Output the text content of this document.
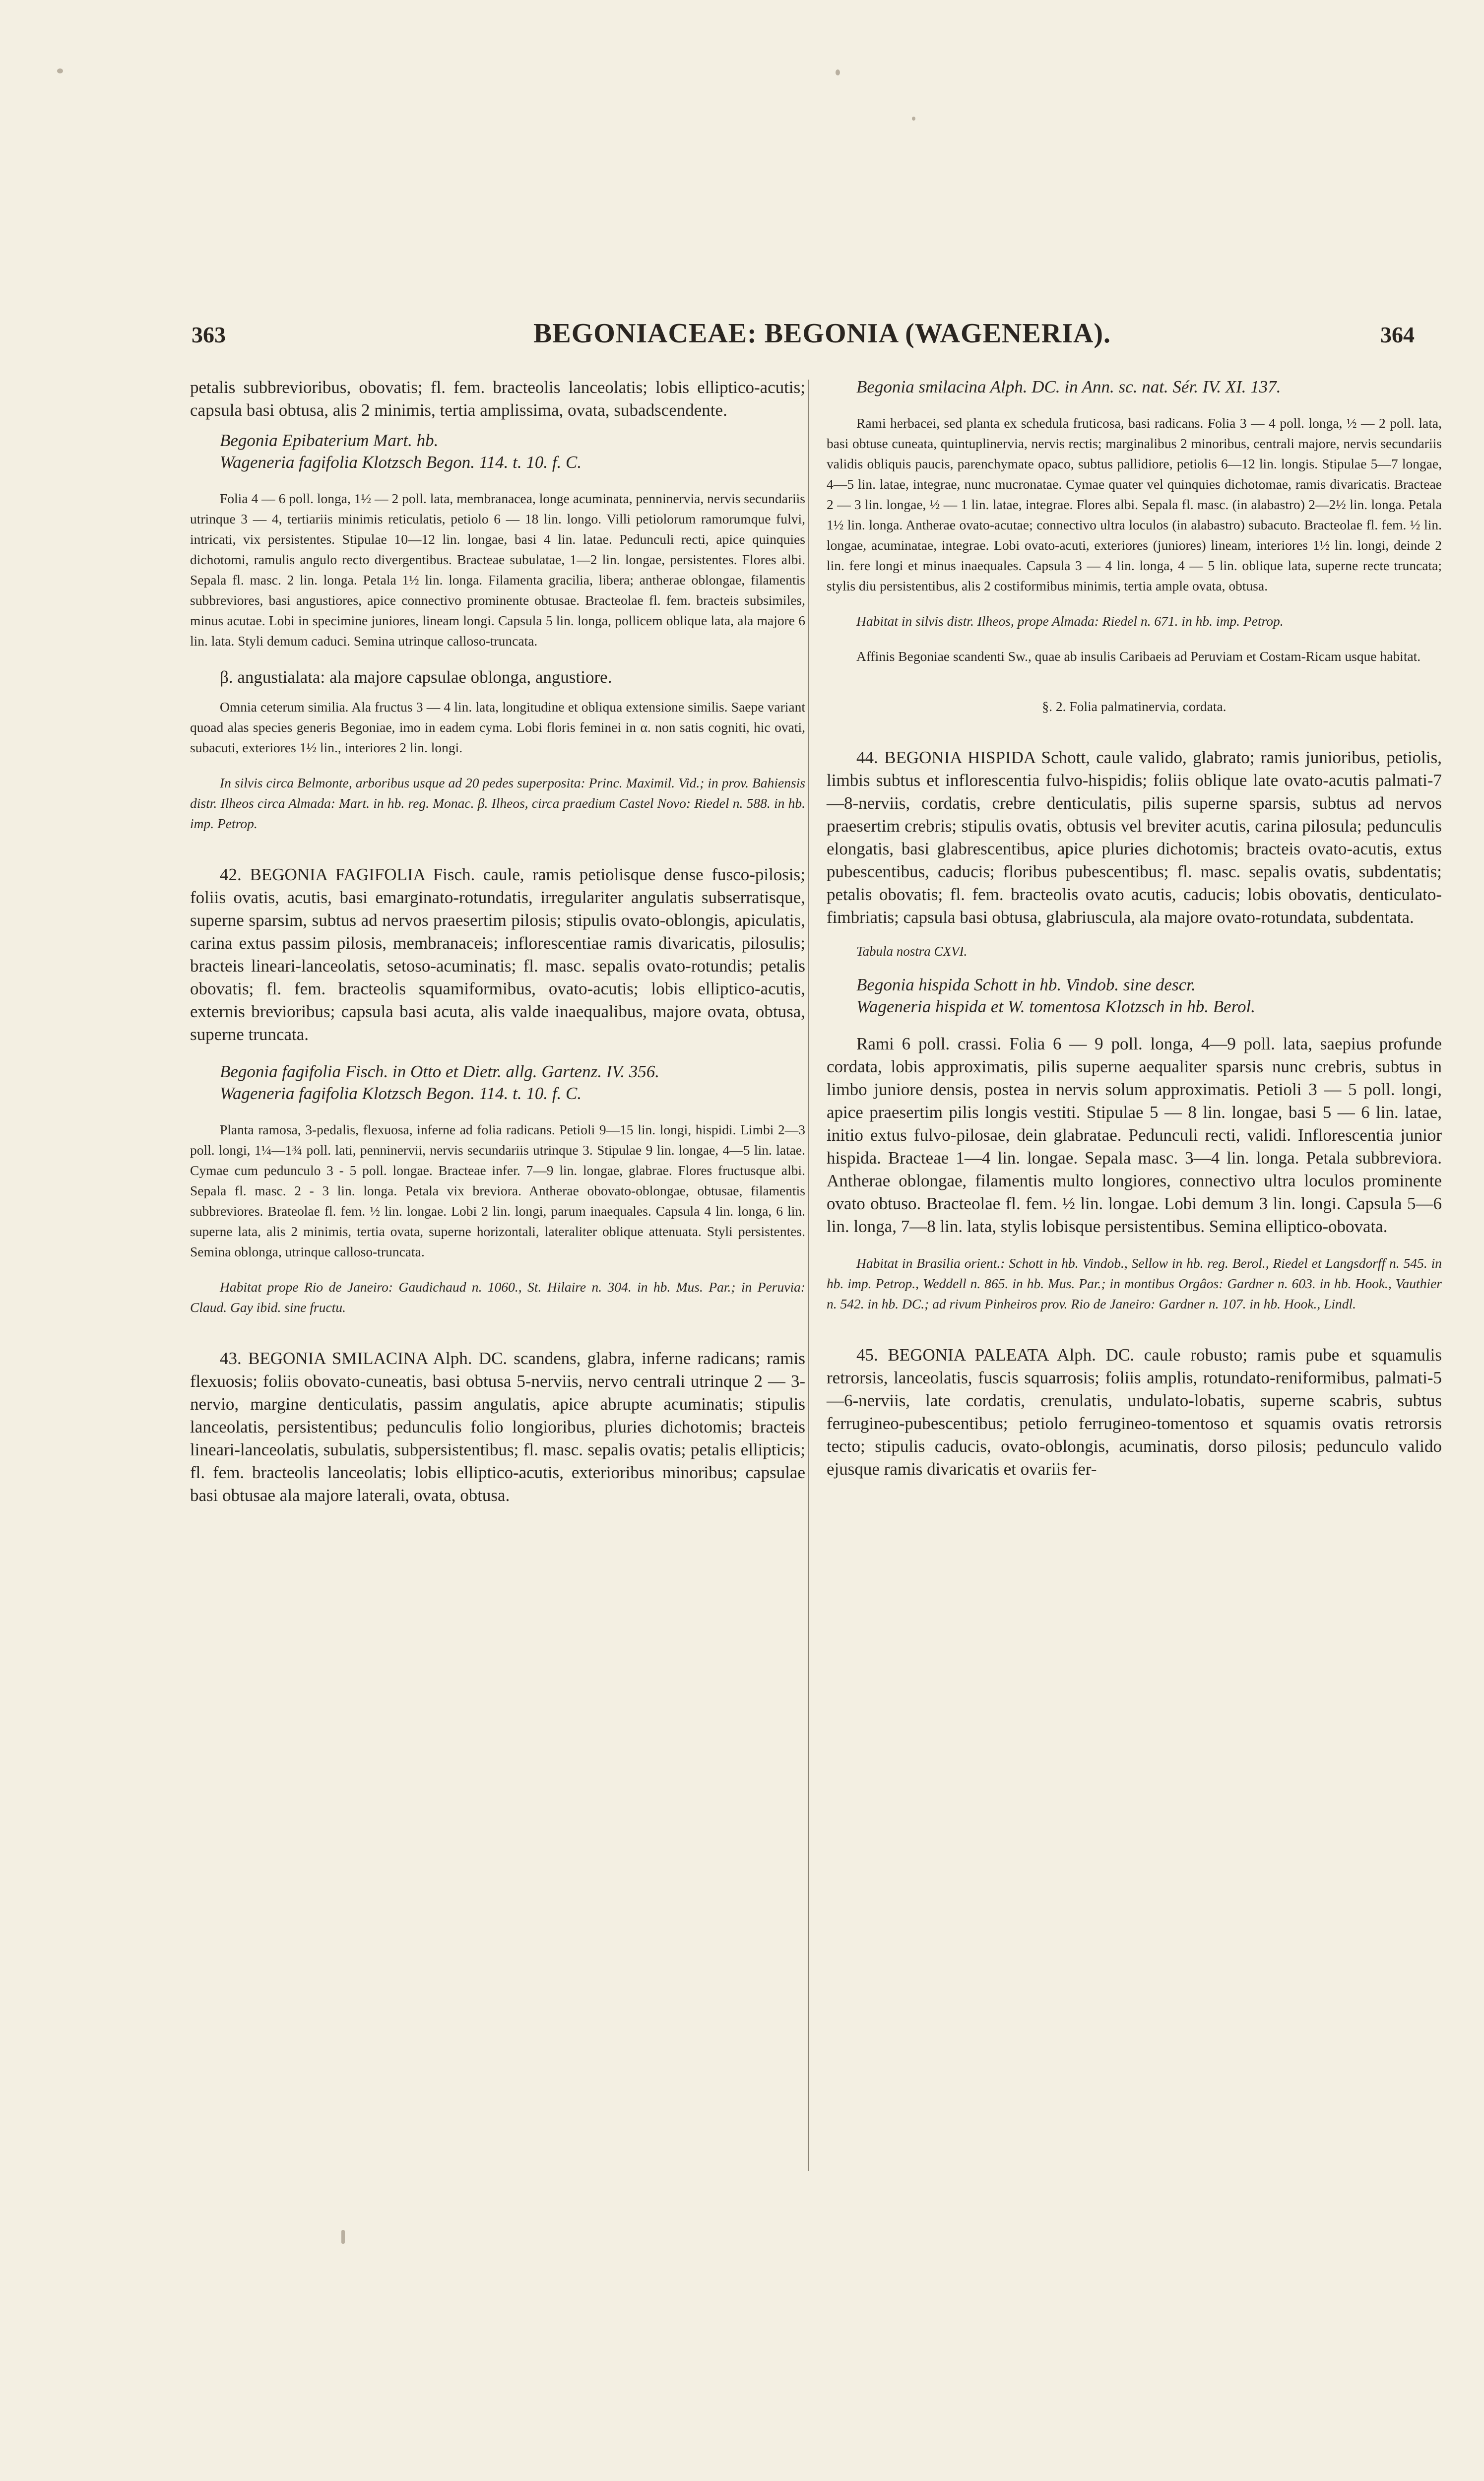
363	BEGONIACEAE: BEGONIA (WAGENERIA).	364

petalis subbrevioribus, obovatis; fl. fem. bracteolis lanceolatis; lobis elliptico-acutis; capsula basi obtusa, alis 2 minimis, tertia amplissima, ovata, subadscendente.

Begonia Epibaterium Mart. hb.

Wageneria fagifolia Klotzsch Begon. 114. t. 10. f. C.

Folia 4 — 6 poll. longa, 1½ — 2 poll. lata, membranacea, longe acuminata, penninervia, nervis secundariis utrinque 3 — 4, tertiariis minimis reticulatis, petiolo 6 — 18 lin. longo. Villi petiolorum ramorumque fulvi, intricati, vix persistentes. Stipulae 10—12 lin. longae, basi 4 lin. latae. Pedunculi recti, apice quinquies dichotomi, ramulis angulo recto divergentibus. Bracteae subulatae, 1—2 lin. longae, persistentes. Flores albi. Sepala fl. masc. 2 lin. longa. Petala 1½ lin. longa. Filamenta gracilia, libera; antherae oblongae, filamentis subbreviores, basi angustiores, apice connectivo prominente obtusae. Bracteolae fl. fem. bracteis subsimiles, minus acutae. Lobi in specimine juniores, lineam longi. Capsula 5 lin. longa, pollicem oblique lata, ala majore 6 lin. lata. Styli demum caduci. Semina utrinque calloso-truncata.

β. angustialata: ala majore capsulae oblonga, angustiore.

Omnia ceterum similia. Ala fructus 3 — 4 lin. lata, longitudine et obliqua extensione similis. Saepe variant quoad alas species generis Begoniae, imo in eadem cyma. Lobi floris feminei in α. non satis cogniti, hic ovati, subacuti, exteriores 1½ lin., interiores 2 lin. longi.

In silvis circa Belmonte, arboribus usque ad 20 pedes superposita: Princ. Maximil. Vid.; in prov. Bahiensis distr. Ilheos circa Almada: Mart. in hb. reg. Monac. β. Ilheos, circa praedium Castel Novo: Riedel n. 588. in hb. imp. Petrop.

42. BEGONIA FAGIFOLIA Fisch. caule, ramis petiolisque dense fusco-pilosis; foliis ovatis, acutis, basi emarginato-rotundatis, irregulariter angulatis subserratisque, superne sparsim, subtus ad nervos praesertim pilosis; stipulis ovato-oblongis, apiculatis, carina extus passim pilosis, membranaceis; inflorescentiae ramis divaricatis, pilosulis; bracteis lineari-lanceolatis, setoso-acuminatis; fl. masc. sepalis ovato-rotundis; petalis obovatis; fl. fem. bracteolis squamiformibus, ovato-acutis; lobis elliptico-acutis, externis brevioribus; capsula basi acuta, alis valde inaequalibus, majore ovata, obtusa, superne truncata.

Begonia fagifolia Fisch. in Otto et Dietr. allg. Gartenz. IV. 356.

Wageneria fagifolia Klotzsch Begon. 114. t. 10. f. C.

Planta ramosa, 3-pedalis, flexuosa, inferne ad folia radicans. Petioli 9—15 lin. longi, hispidi. Limbi 2—3 poll. longi, 1¼—1¾ poll. lati, penninervii, nervis secundariis utrinque 3. Stipulae 9 lin. longae, 4—5 lin. latae. Cymae cum pedunculo 3 - 5 poll. longae. Bracteae infer. 7—9 lin. longae, glabrae. Flores fructusque albi. Sepala fl. masc. 2 - 3 lin. longa. Petala vix breviora. Antherae obovato-oblongae, obtusae, filamentis subbreviores. Brateolae fl. fem. ½ lin. longae. Lobi 2 lin. longi, parum inaequales. Capsula 4 lin. longa, 6 lin. superne lata, alis 2 minimis, tertia ovata, superne horizontali, lateraliter oblique attenuata. Styli persistentes. Semina oblonga, utrinque calloso-truncata.

Habitat prope Rio de Janeiro: Gaudichaud n. 1060., St. Hilaire n. 304. in hb. Mus. Par.; in Peruvia: Claud. Gay ibid. sine fructu.

43. BEGONIA SMILACINA Alph. DC. scandens, glabra, inferne radicans; ramis flexuosis; foliis obovato-cuneatis, basi obtusa 5-nerviis, nervo centrali utrinque 2 — 3-nervio, margine denticulatis, passim angulatis, apice abrupte acuminatis; stipulis lanceolatis, persistentibus; pedunculis folio longioribus, pluries dichotomis; bracteis lineari-lanceolatis, subulatis, subpersistentibus; fl. masc. sepalis ovatis; petalis ellipticis; fl. fem. bracteolis lanceolatis; lobis elliptico-acutis, exterioribus minoribus; capsulae basi obtusae ala majore laterali, ovata, obtusa.

Begonia smilacina Alph. DC. in Ann. sc. nat. Sér. IV. XI. 137.

Rami herbacei, sed planta ex schedula fruticosa, basi radicans. Folia 3 — 4 poll. longa, ½ — 2 poll. lata, basi obtuse cuneata, quintuplinervia, nervis rectis; marginalibus 2 minoribus, centrali majore, nervis secundariis validis obliquis paucis, parenchymate opaco, subtus pallidiore, petiolis 6—12 lin. longis. Stipulae 5—7 longae, 4—5 lin. latae, integrae, nunc mucronatae. Cymae quater vel quinquies dichotomae, ramis divaricatis. Bracteae 2 — 3 lin. longae, ½ — 1 lin. latae, integrae. Flores albi. Sepala fl. masc. (in alabastro) 2—2½ lin. longa. Petala 1½ lin. longa. Antherae ovato-acutae; connectivo ultra loculos (in alabastro) subacuto. Bracteolae fl. fem. ½ lin. longae, acuminatae, integrae. Lobi ovato-acuti, exteriores (juniores) lineam, interiores 1½ lin. longi, deinde 2 lin. fere longi et minus inaequales. Capsula 3 — 4 lin. longa, 4 — 5 lin. oblique lata, superne recte truncata; stylis diu persistentibus, alis 2 costiformibus minimis, tertia ample ovata, obtusa.

Habitat in silvis distr. Ilheos, prope Almada: Riedel n. 671. in hb. imp. Petrop.

Affinis Begoniae scandenti Sw., quae ab insulis Caribaeis ad Peruviam et Costam-Ricam usque habitat.

§. 2. Folia palmatinervia, cordata.

44. BEGONIA HISPIDA Schott, caule valido, glabrato; ramis junioribus, petiolis, limbis subtus et inflorescentia fulvo-hispidis; foliis oblique late ovato-acutis palmati-7—8-nerviis, cordatis, crebre denticulatis, pilis superne sparsis, subtus ad nervos praesertim crebris; stipulis ovatis, obtusis vel breviter acutis, carina pilosula; pedunculis elongatis, basi glabrescentibus, apice pluries dichotomis; bracteis ovato-acutis, extus pubescentibus, caducis; floribus pubescentibus; fl. masc. sepalis ovatis, subdentatis; petalis obovatis; fl. fem. bracteolis ovato acutis, caducis; lobis obovatis, denticulato-fimbriatis; capsula basi obtusa, glabriuscula, ala majore ovato-rotundata, subdentata.

Tabula nostra CXVI.

Begonia hispida Schott in hb. Vindob. sine descr.

Wageneria hispida et W. tomentosa Klotzsch in hb. Berol.

Rami 6 poll. crassi. Folia 6 — 9 poll. longa, 4—9 poll. lata, saepius profunde cordata, lobis approximatis, pilis superne aequaliter sparsis nunc crebris, subtus in limbo juniore densis, postea in nervis solum approximatis. Petioli 3 — 5 poll. longi, apice praesertim pilis longis vestiti. Stipulae 5 — 8 lin. longae, basi 5 — 6 lin. latae, initio extus fulvo-pilosae, dein glabratae. Pedunculi recti, validi. Inflorescentia junior hispida. Bracteae 1—4 lin. longae. Sepala masc. 3—4 lin. longa. Petala subbreviora. Antherae oblongae, filamentis multo longiores, connectivo ultra loculos prominente ovato obtuso. Bracteolae fl. fem. ½ lin. longae. Lobi demum 3 lin. longi. Capsula 5—6 lin. longa, 7—8 lin. lata, stylis lobisque persistentibus. Semina elliptico-obovata.

Habitat in Brasilia orient.: Schott in hb. Vindob., Sellow in hb. reg. Berol., Riedel et Langsdorff n. 545. in hb. imp. Petrop., Weddell n. 865. in hb. Mus. Par.; in montibus Orgâos: Gardner n. 603. in hb. Hook., Vauthier n. 542. in hb. DC.; ad rivum Pinheiros prov. Rio de Janeiro: Gardner n. 107. in hb. Hook., Lindl.

45. BEGONIA PALEATA Alph. DC. caule robusto; ramis pube et squamulis retrorsis, lanceolatis, fuscis squarrosis; foliis amplis, rotundato-reniformibus, palmati-5—6-nerviis, late cordatis, crenulatis, undulato-lobatis, superne scabris, subtus ferrugineo-pubescentibus; petiolo ferrugineo-tomentoso et squamis ovatis retrorsis tecto; stipulis caducis, ovato-oblongis, acuminatis, dorso pilosis; pedunculo valido ejusque ramis divaricatis et ovariis fer-
